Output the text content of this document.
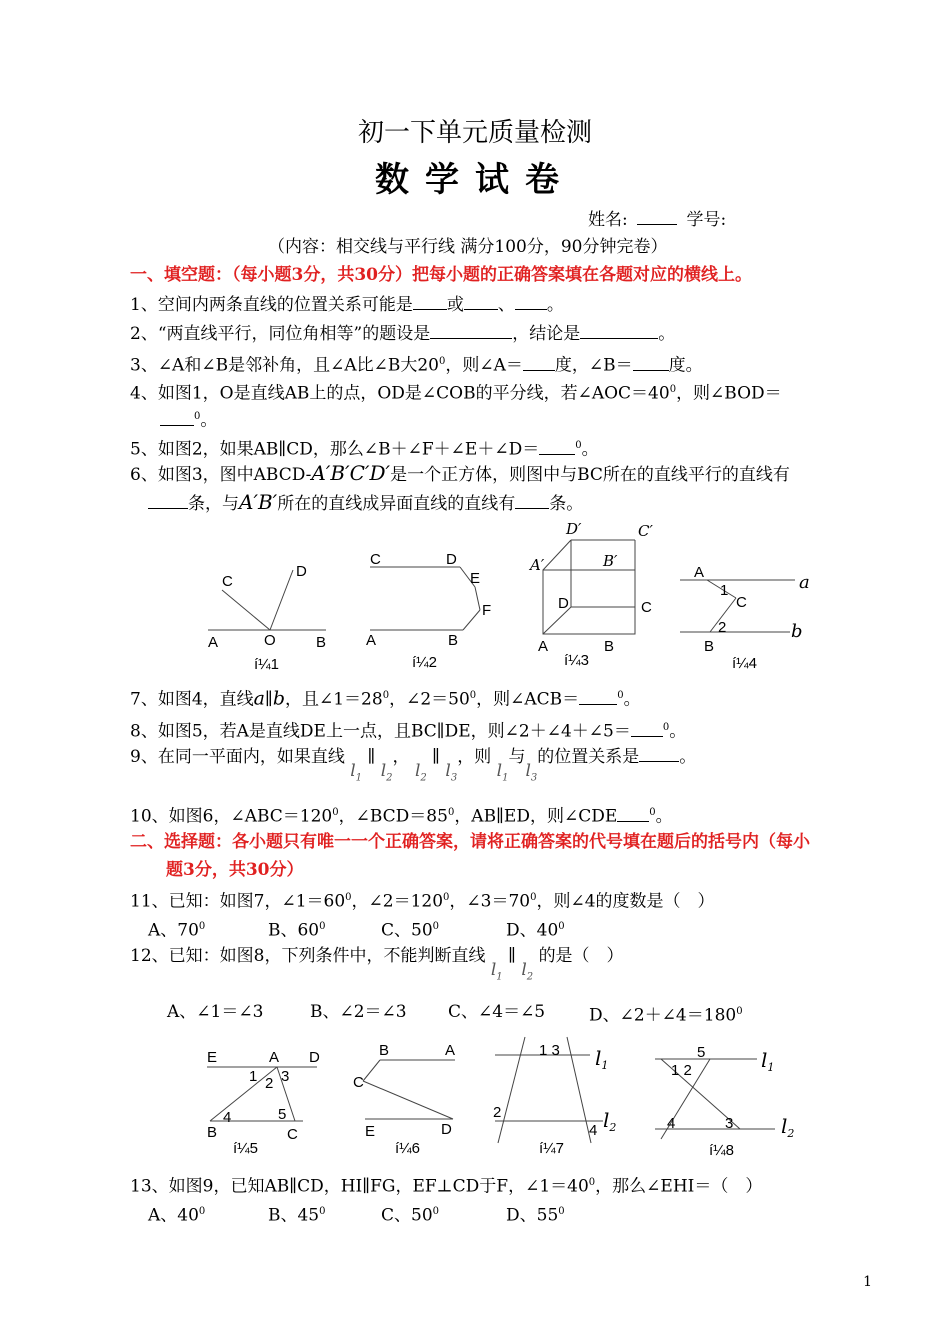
初一下单元质量检测
数学试卷
姓名:	学号:
（内容：相交线与平行线 满分100分，90分钟完卷）
一、填空题：（每小题3分，共30分）把每小题的正确答案填在各题对应的横线上。
1、空间内两条直线的位置关系可能是 或 、 。
2、“两直线平行，同位角相等”的题设是	，结论是	。
3、∠A和∠B是邻补角，且∠A比∠B大$20^0$，则∠A＝ 度，∠B＝ 度。
4、如图1，O是直线AB上的点，OD是∠COB的平分线，若$\angle AOC=40^0$，则∠BOD＝
$^0$。
5、如图2，如果AB∥CD，那么∠B＋∠F＋∠E＋∠D＝	$^0$。
6、如图3，图中ABCD-A′B′C′D′是一个正方体，则图中与BC所在的直线平行的直线有
条，与A′B′所在的直线成异面直线的直线有 条。
A	O	B
C
D
í¼1
C	D
E
F
A	B
í¼2
D′	C′
A′	B′
D	C
A	B
í¼3
A
1
C
2
B
a
b
í¼4
7、如图4，直线a∥b，且$\angle 1=28^0$，$\angle 2=50^0$，则∠ACB＝	$^0$。
8、如图5，若A是直线DE上一点，且BC∥DE，则∠2＋∠4＋∠5＝	$^0$。
9、在同一平面内，如果直线 $l_1$ ∥ $l_2$， $l_2$ ∥ $l_3$，则 $l_1$与$l_3$的位置关系是 。
10、如图6，$\angle ABC=120^0$，$\angle BCD=85^0$，AB∥ED，则∠CDE	$^0$。
二、选择题：各小题只有唯一一个正确答案，请将正确答案的代号填在题后的括号内（每小
题3分，共30分）
11、已知：如图7，$\angle 1=60^0$，$\angle 2=120^0$，$\angle 3=70^0$，则∠4的度数是（　）
A、$70^0$	B、$60^0$	C、$50^0$	D、$40^0$
12、已知：如图8，下列条件中，不能判断直线 $l_1$ ∥ $l_2$ 的是（　）
A、∠1＝∠3	B、∠2＝∠3 C、∠4＝∠5	D、$\angle 2+\angle 4=180^0$
E	A D
1 2 3
4	5
B	C
í¼5
B	A
C
E	D
í¼6
1 3
2
4
$l_1$
$l_2$
í¼7
5
1 2
4	3
$l_1$
$l_2$
í¼8
13、如图9，已知AB∥CD，HI∥FG，EF⊥CD于F，$\angle 1=40^0$，那么∠EHI＝（　）
A、$40^0$	B、$45^0$	C、$50^0$	D、$55^0$
1
